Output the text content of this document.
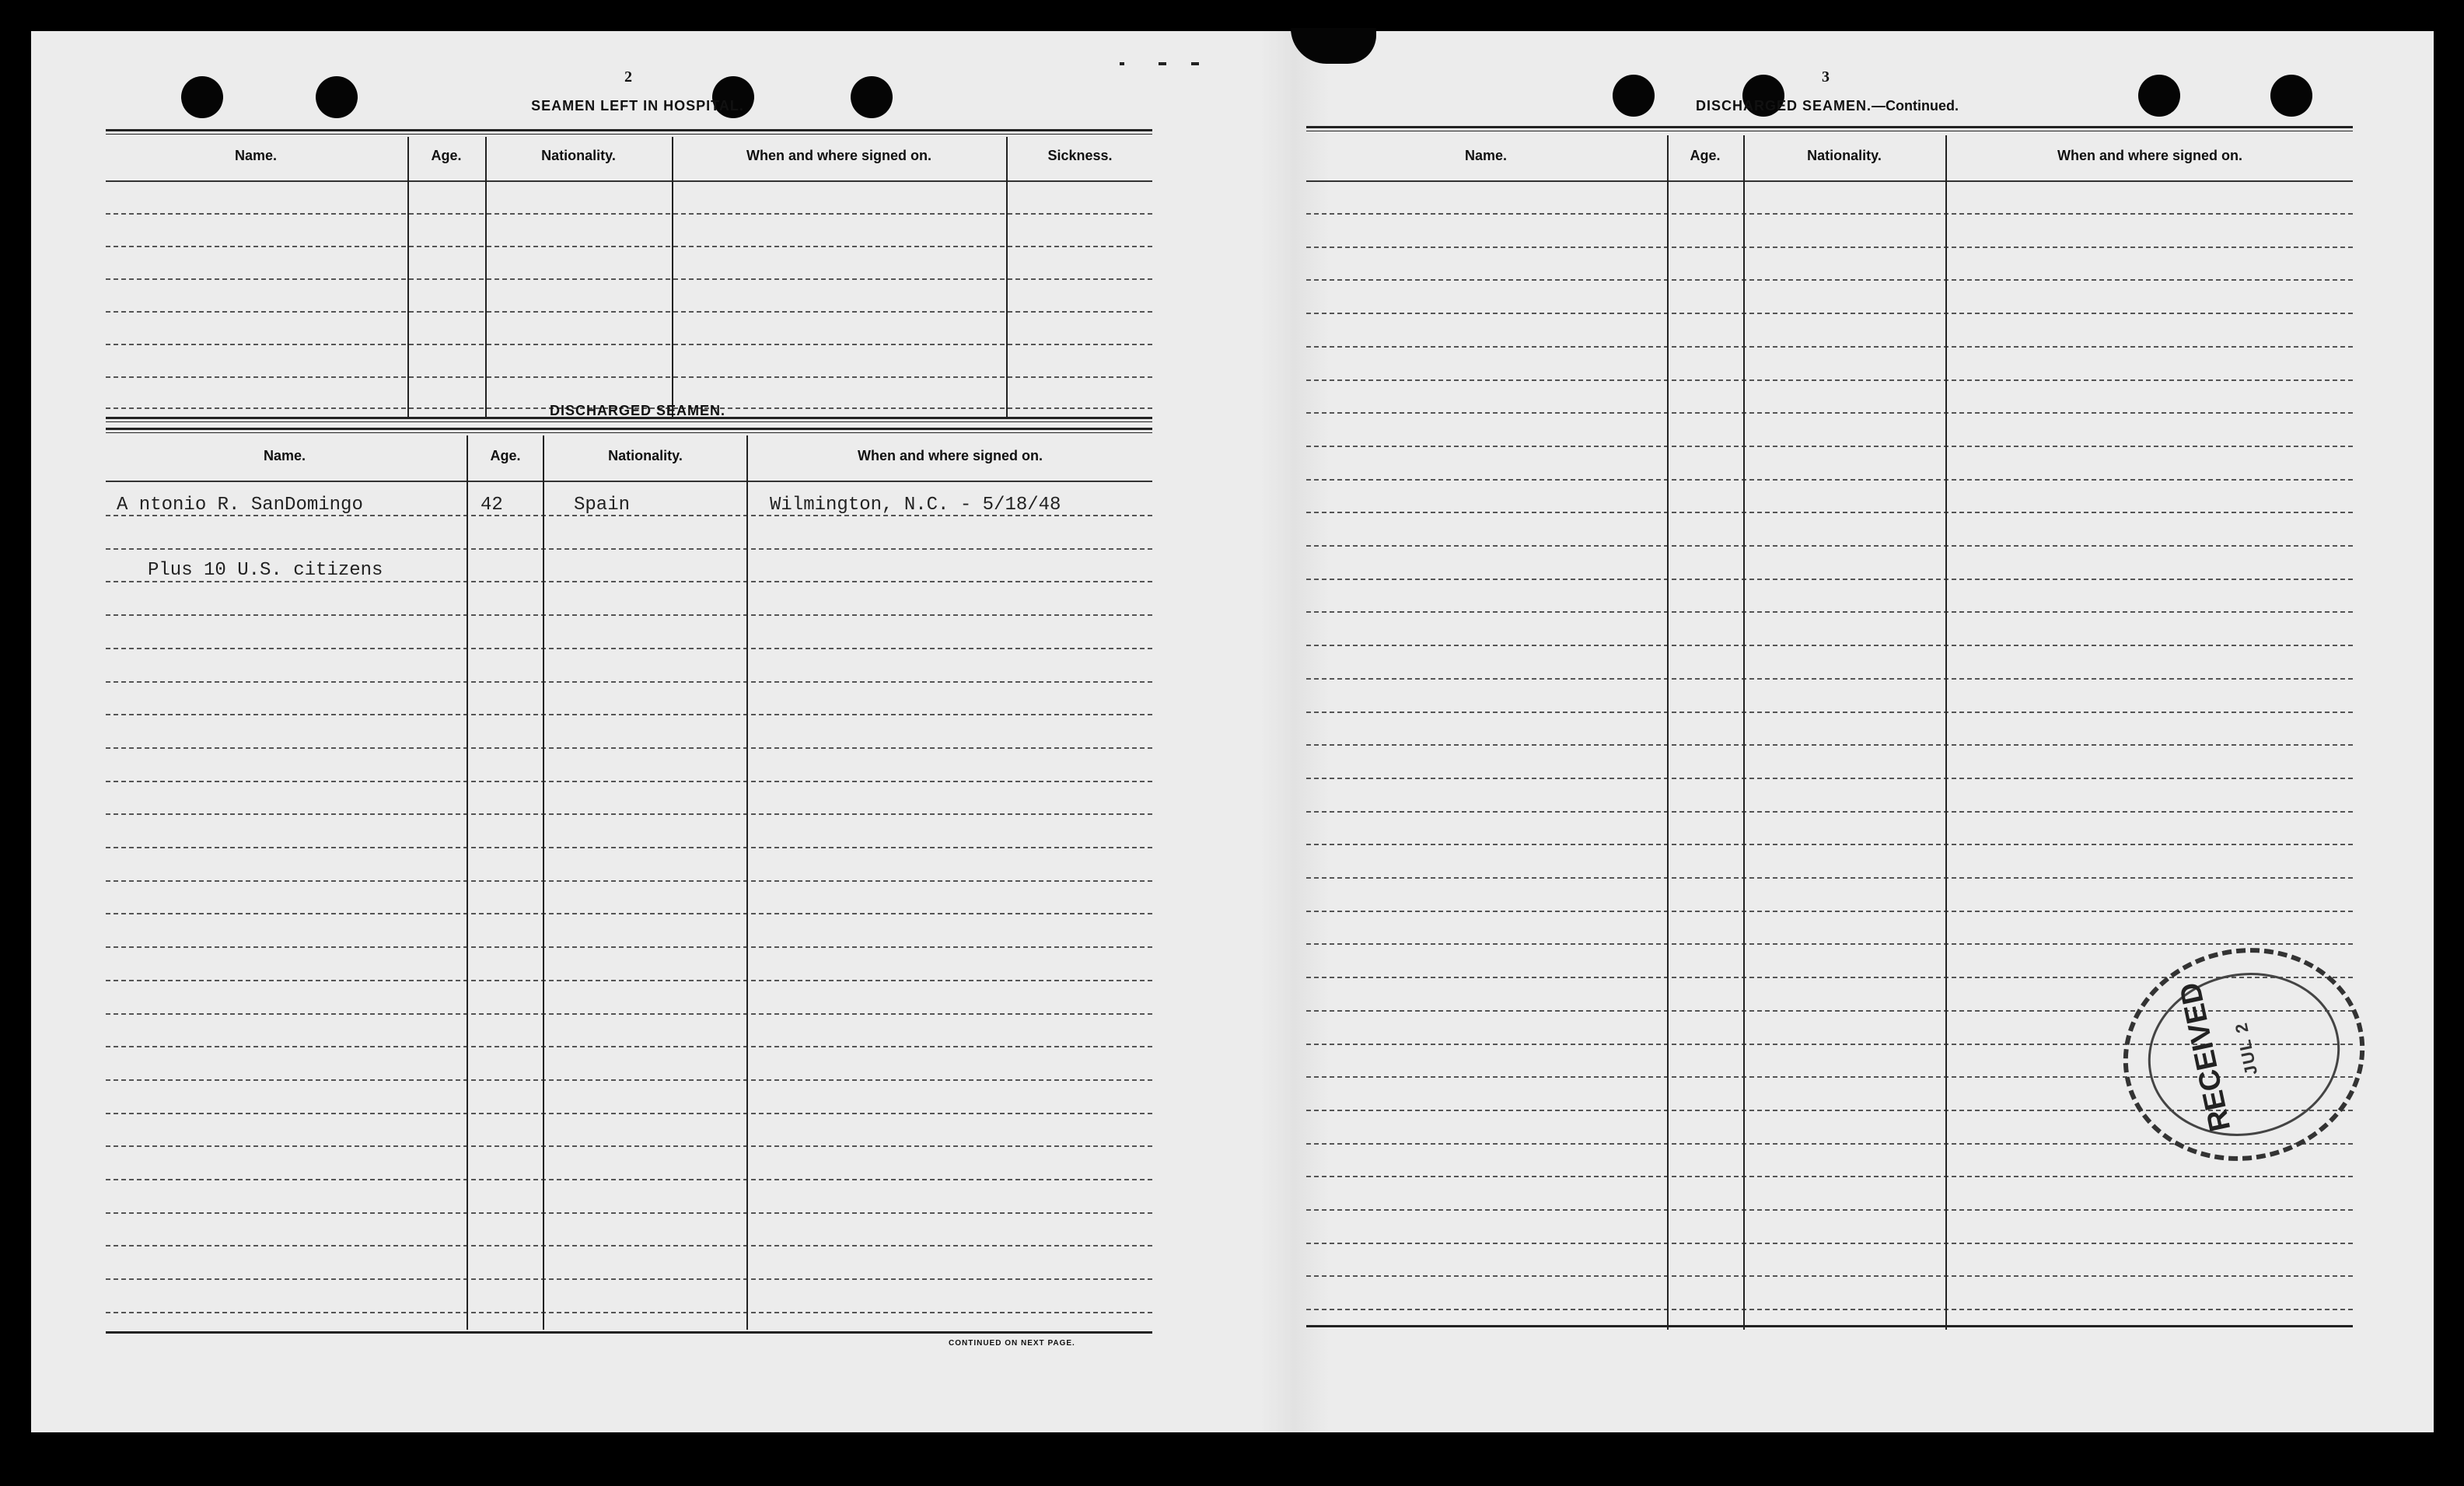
2
SEAMEN LEFT IN HOSPITAL.
Name.	Age.	Nationality.	When and where signed on.	Sickness.
DISCHARGED SEAMEN.
Name.	Age.	Nationality.	When and where signed on.
A ntonio R. SanDomingo	42	Spain	Wilmington, N.C. - 5/18/48
Plus 10 U.S. citizens
CONTINUED ON NEXT PAGE.
3
DISCHARGED SEAMEN.—Continued.
Name.	Age.	Nationality.	When and where signed on.
RECEIVED
JUL 2
